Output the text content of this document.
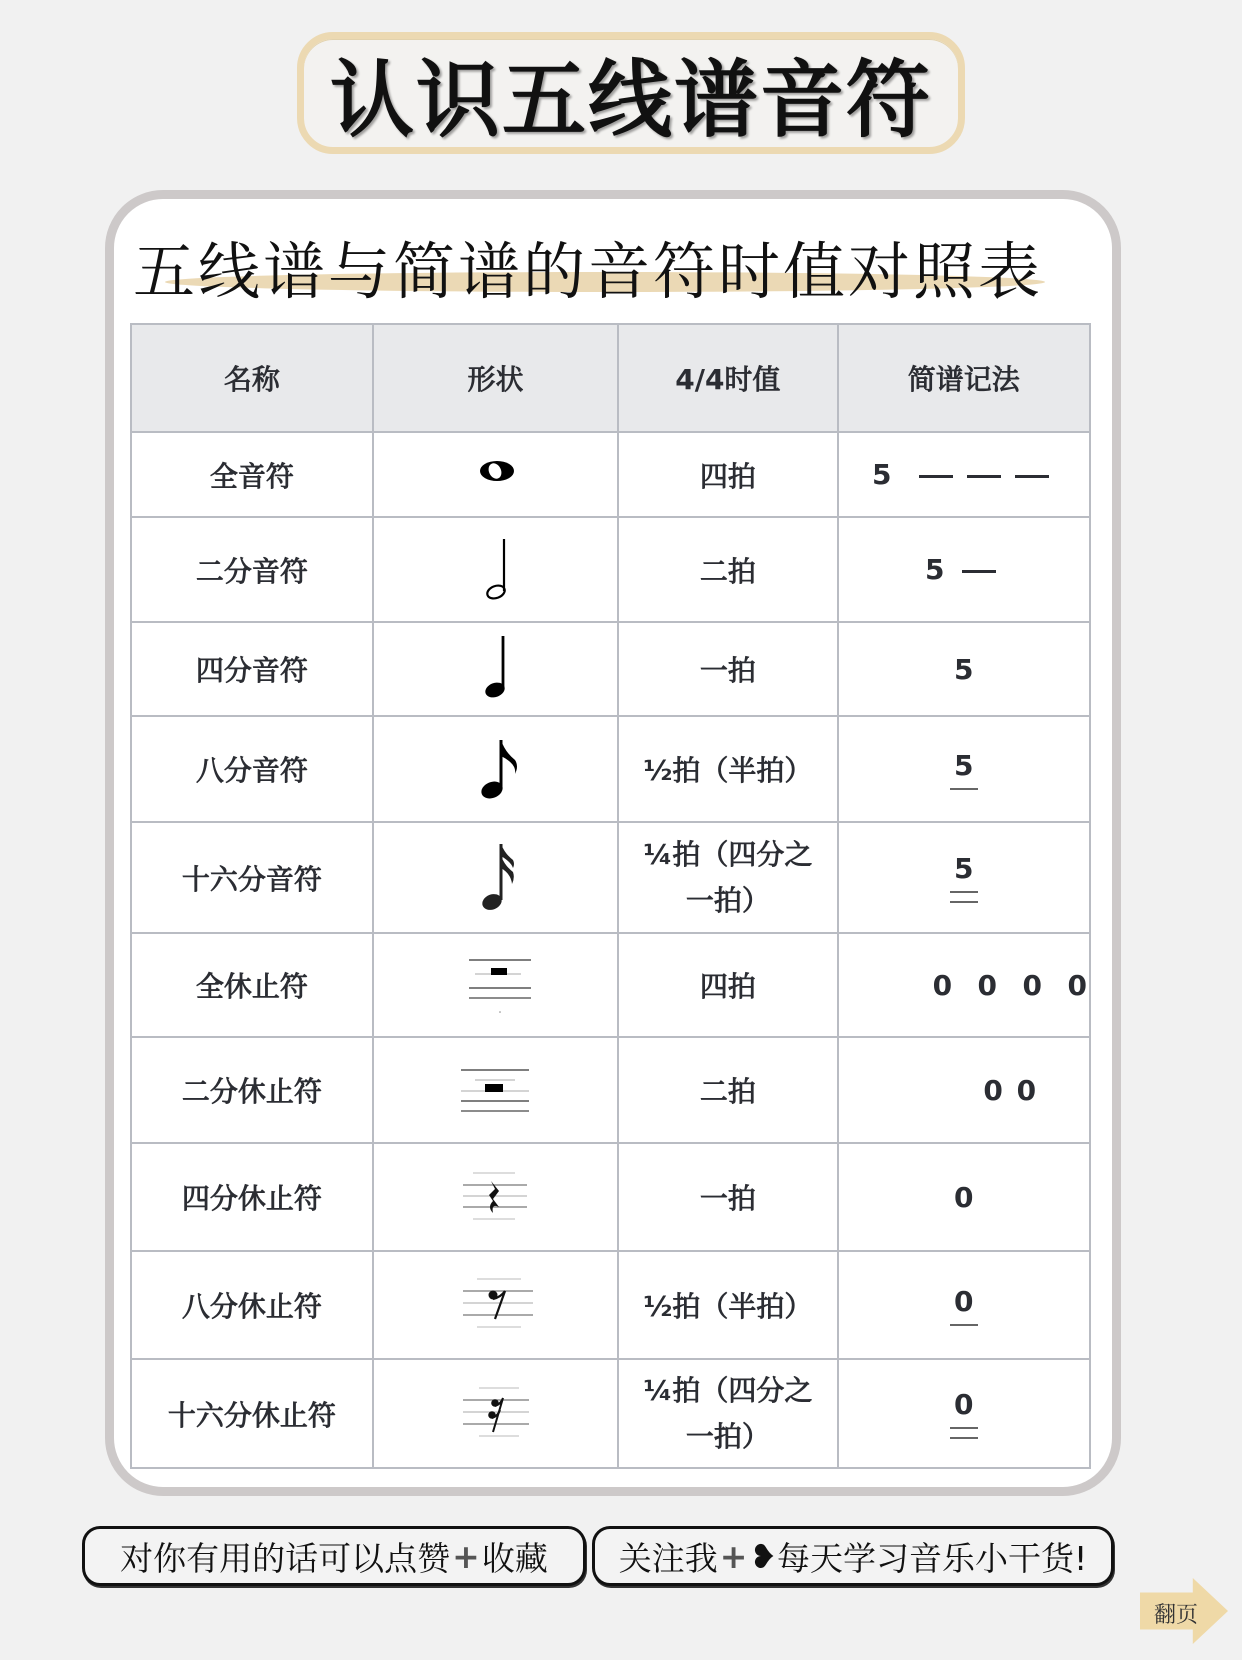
认识五线谱音符
五线谱与简谱的音符时值对照表
名称	形状	4/4时值	简谱记法
全音符		四拍	5
二分音符		二拍	5
四分音符		一拍	5
八分音符		½拍（半拍）	5

十六分音符		¼拍（四分之
一拍）	5

全休止符		四拍	0  0  0  0

二分休止符		二拍	0 0

四分休止符		一拍	0
八分休止符		½拍（半拍）	0

十六分休止符		¼拍（四分之
一拍）	0
对你有用的话可以点赞 + 收藏 关注我 + ❥ 每天学习音乐小干货!
翻页
